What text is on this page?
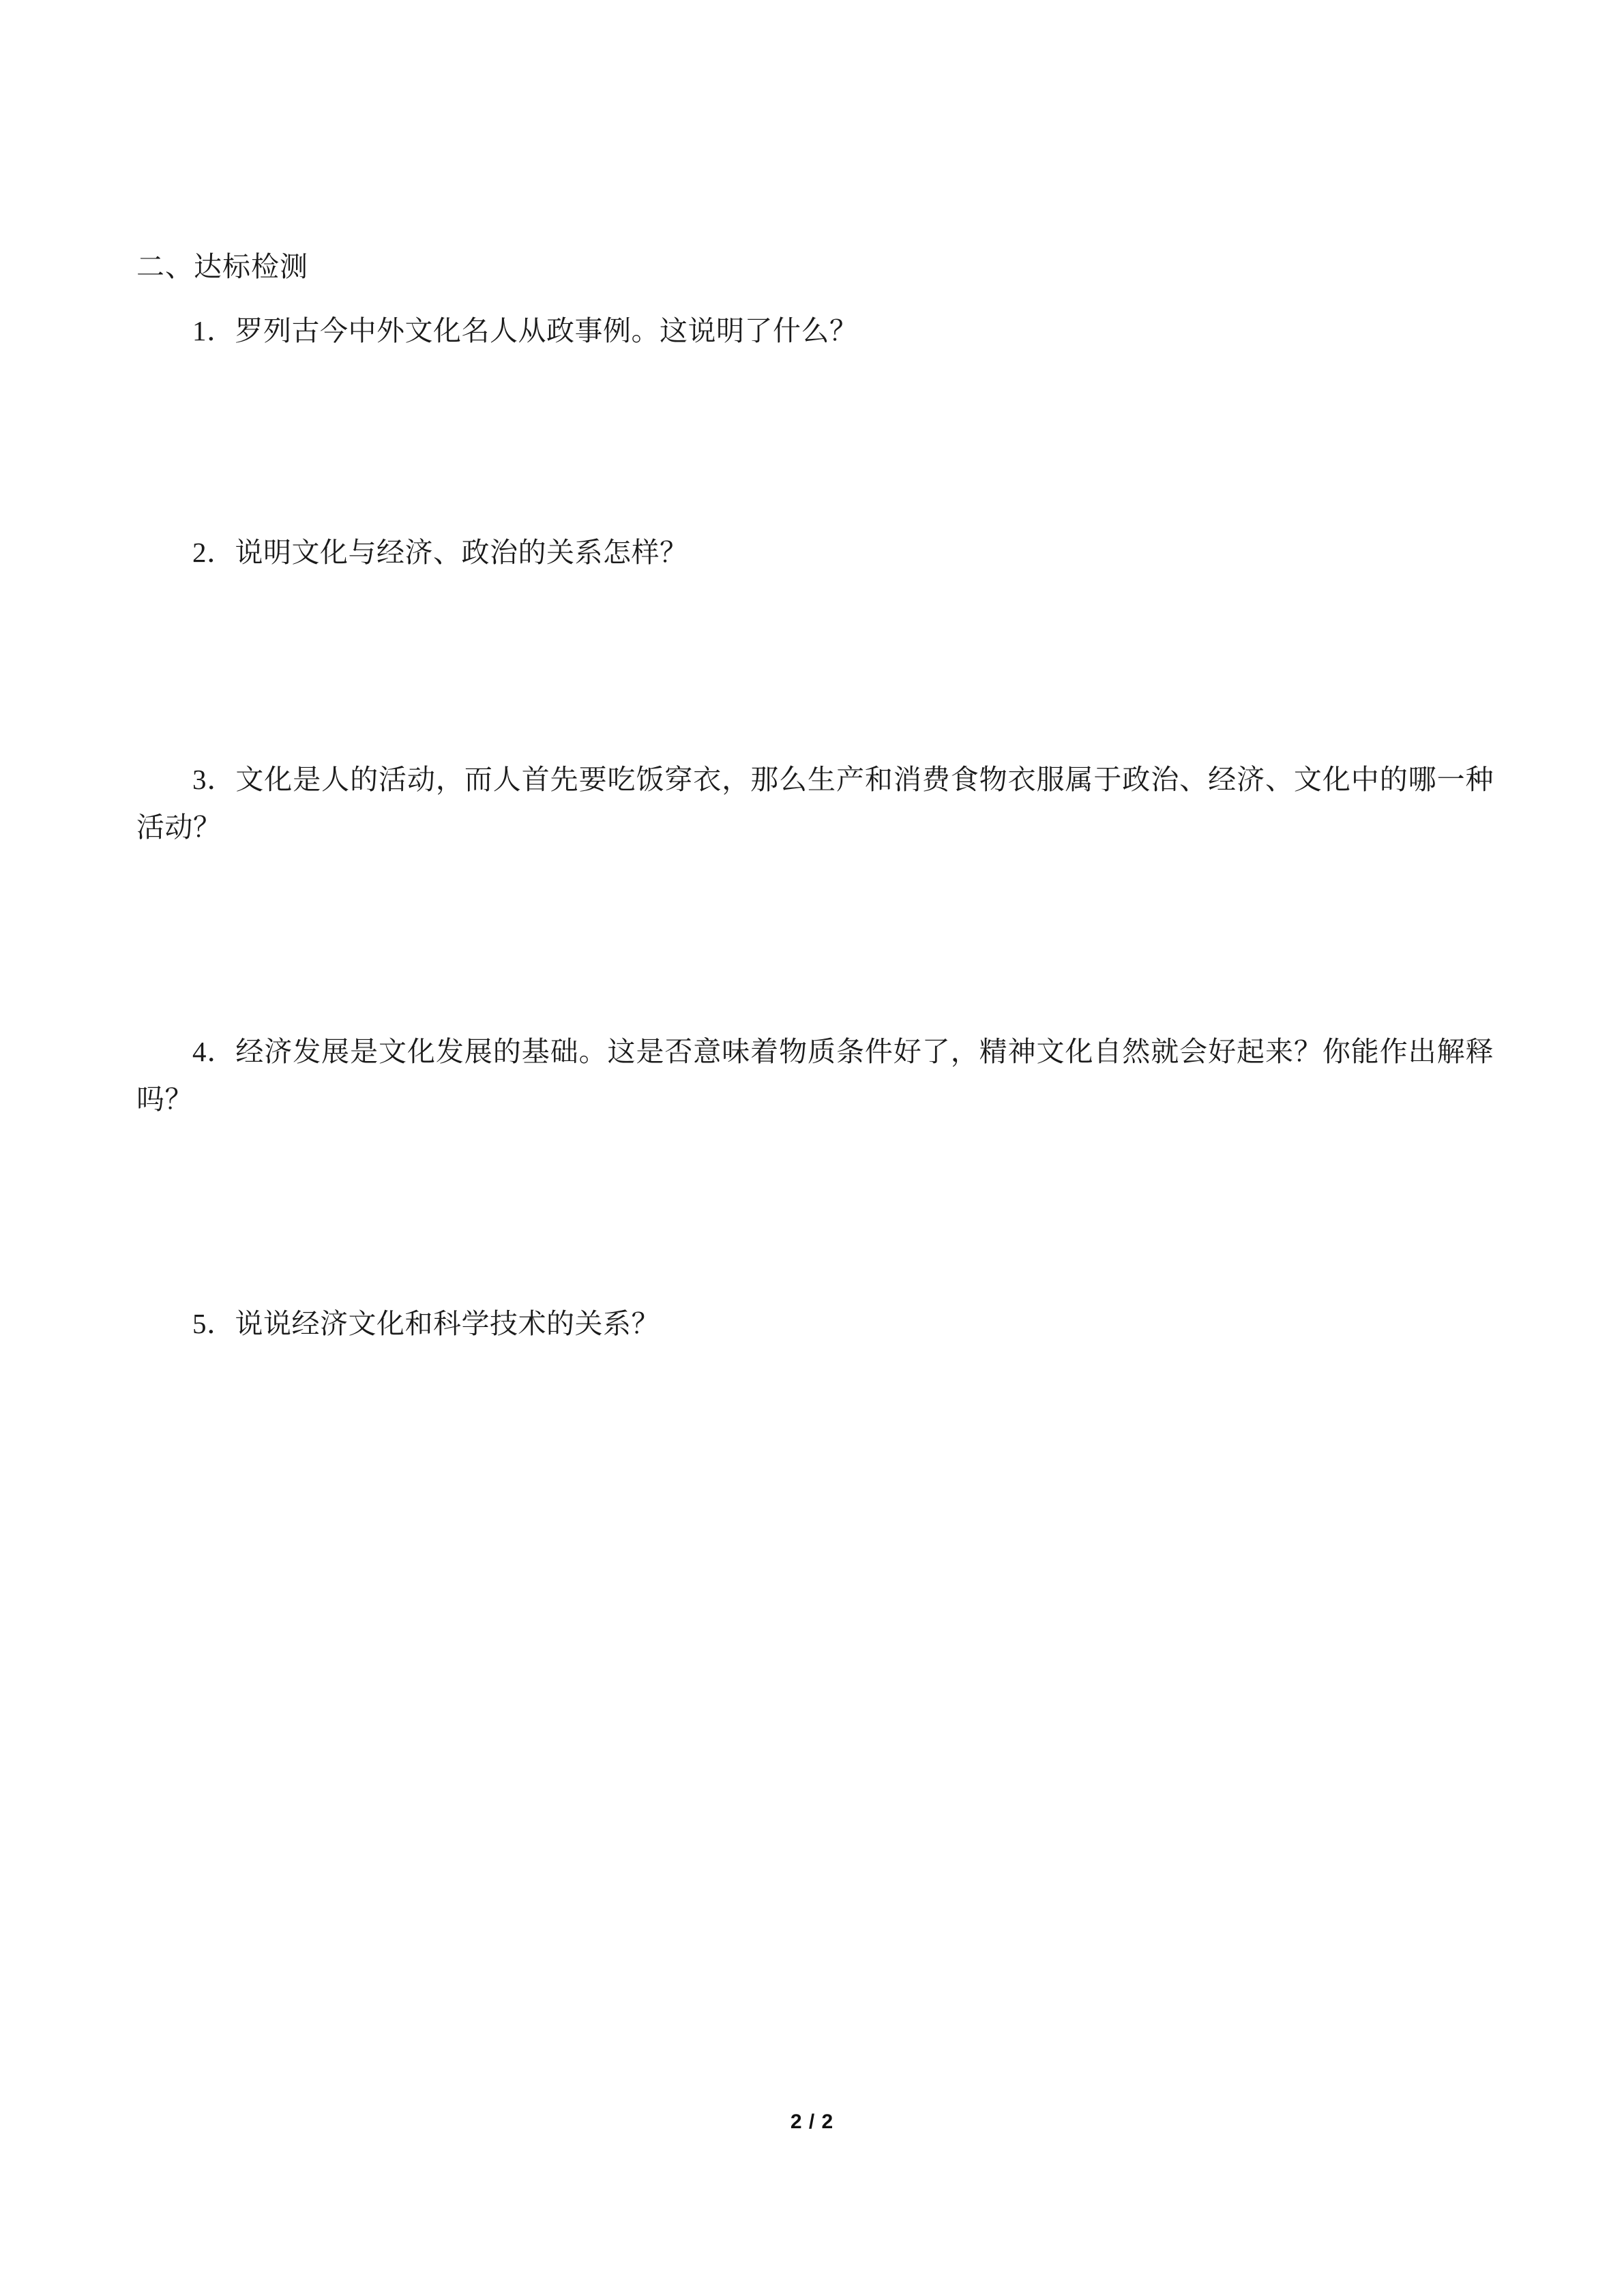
二、达标检测
1．罗列古今中外文化名人从政事例。这说明了什么？
2．说明文化与经济、政治的关系怎样？
3．文化是人的活动，而人首先要吃饭穿衣，那么生产和消费食物衣服属于政治、经济、文化中的哪一种活动？
4．经济发展是文化发展的基础。这是否意味着物质条件好了，精神文化自然就会好起来？你能作出解释吗？
5．说说经济文化和科学技术的关系？
2 / 2
